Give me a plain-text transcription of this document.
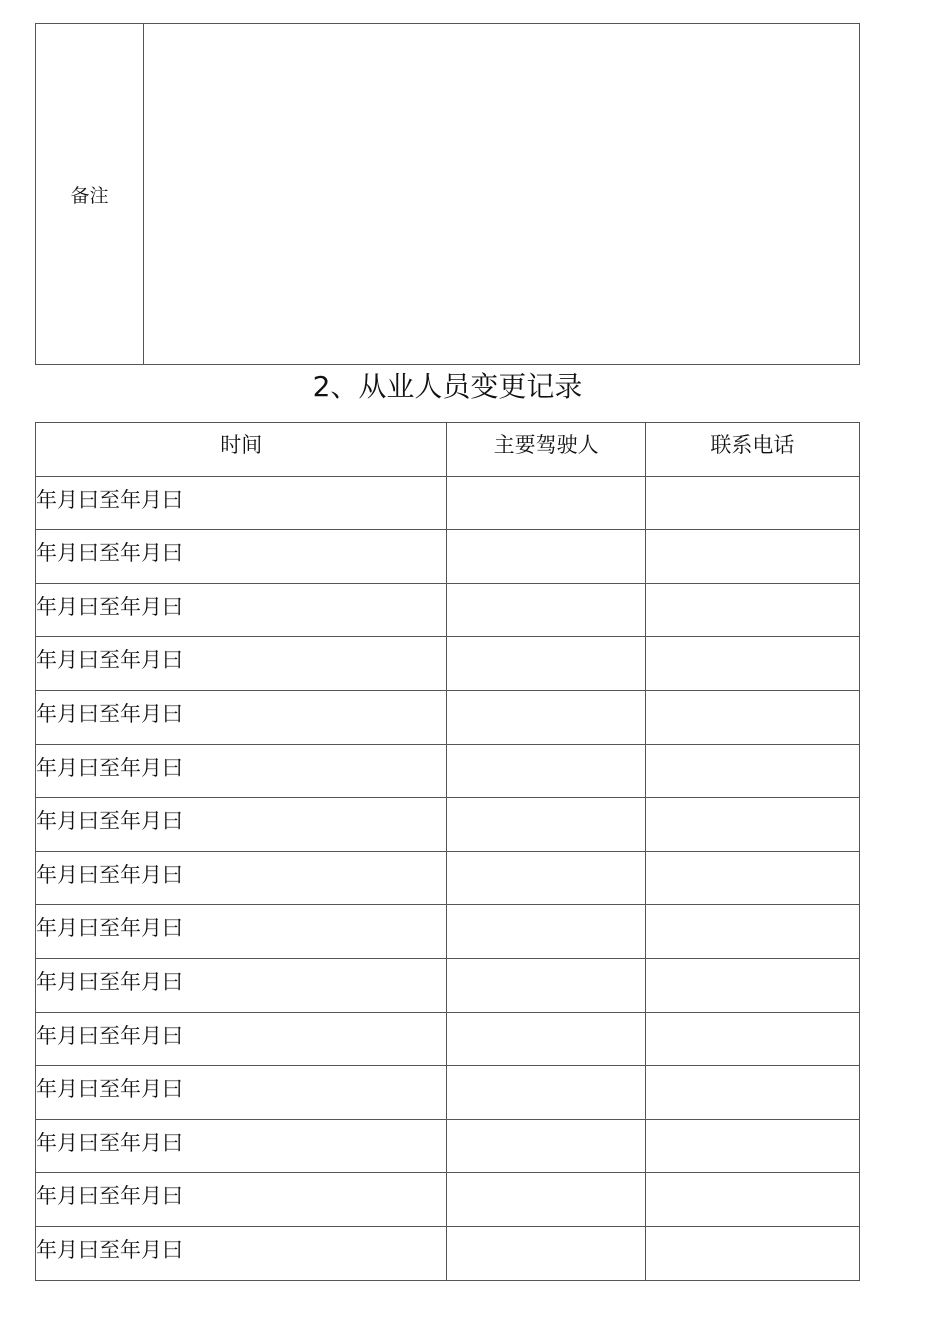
备注	
2、从业人员变更记录
时间	主要驾驶人	联系电话
年月曰至年月曰		
年月曰至年月曰		
年月曰至年月曰		
年月曰至年月曰		
年月曰至年月曰		
年月曰至年月曰		
年月曰至年月曰		
年月曰至年月曰		
年月曰至年月曰		
年月曰至年月曰		
年月曰至年月曰		
年月曰至年月曰		
年月曰至年月曰		
年月曰至年月曰		
年月曰至年月曰		
